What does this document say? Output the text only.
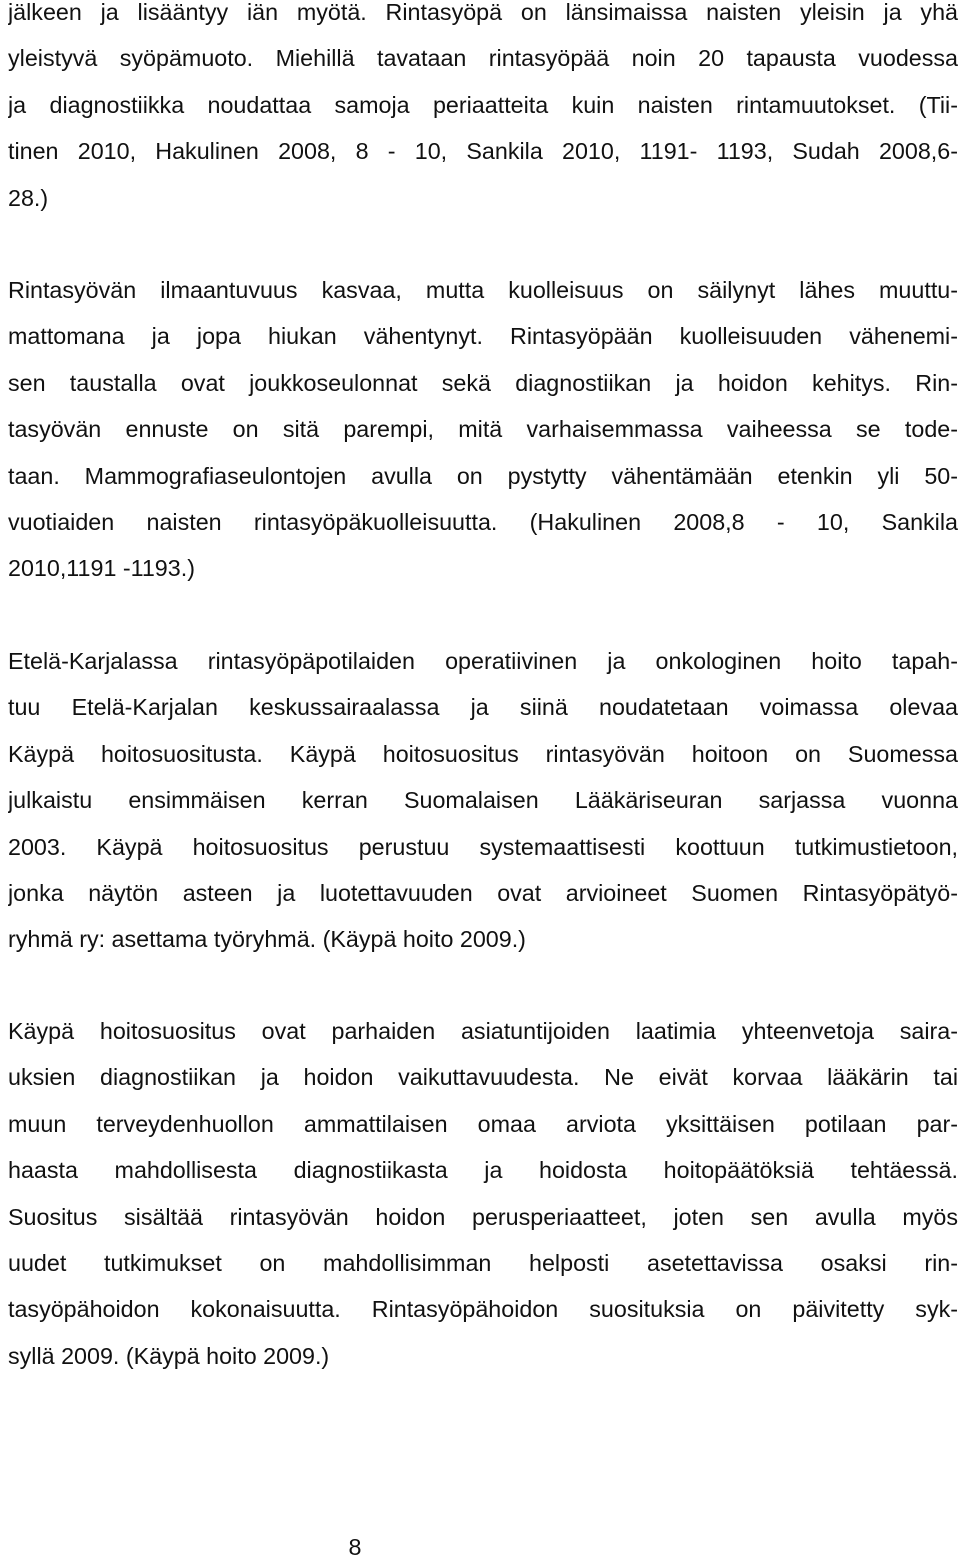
jälkeen ja lisääntyy iän myötä. Rintasyöpä on länsimaissa naisten yleisin ja yhä
yleistyvä syöpämuoto. Miehillä tavataan rintasyöpää noin 20 tapausta vuodessa
ja diagnostiikka noudattaa samoja periaatteita kuin naisten rintamuutokset. (Tii-
tinen 2010, Hakulinen 2008, 8 - 10, Sankila 2010, 1191- 1193, Sudah 2008,6-
28.)
Rintasyövän ilmaantuvuus kasvaa, mutta kuolleisuus on säilynyt lähes muuttu-
mattomana ja jopa hiukan vähentynyt. Rintasyöpään kuolleisuuden vähenemi-
sen taustalla ovat joukkoseulonnat sekä diagnostiikan ja hoidon kehitys. Rin-
tasyövän ennuste on sitä parempi, mitä varhaisemmassa vaiheessa se tode-
taan. Mammografiaseulontojen avulla on pystytty vähentämään etenkin yli 50-
vuotiaiden naisten rintasyöpäkuolleisuutta. (Hakulinen 2008,8 - 10, Sankila
2010,1191 -1193.)
Etelä-Karjalassa rintasyöpäpotilaiden operatiivinen ja onkologinen hoito tapah-
tuu Etelä-Karjalan keskussairaalassa ja siinä noudatetaan voimassa olevaa
Käypä hoitosuositusta. Käypä hoitosuositus rintasyövän hoitoon on Suomessa
julkaistu ensimmäisen kerran Suomalaisen Lääkäriseuran sarjassa vuonna
2003. Käypä hoitosuositus perustuu systemaattisesti koottuun tutkimustietoon,
jonka näytön asteen ja luotettavuuden ovat arvioineet Suomen Rintasyöpätyö-
ryhmä ry: asettama työryhmä. (Käypä hoito 2009.)
Käypä hoitosuositus ovat parhaiden asiatuntijoiden laatimia yhteenvetoja saira-
uksien diagnostiikan ja hoidon vaikuttavuudesta. Ne eivät korvaa lääkärin tai
muun terveydenhuollon ammattilaisen omaa arviota yksittäisen potilaan par-
haasta mahdollisesta diagnostiikasta ja hoidosta hoitopäätöksiä tehtäessä.
Suositus sisältää rintasyövän hoidon perusperiaatteet, joten sen avulla myös
uudet tutkimukset on mahdollisimman helposti asetettavissa osaksi rin-
tasyöpähoidon kokonaisuutta. Rintasyöpähoidon suosituksia on päivitetty syk-
syllä 2009. (Käypä hoito 2009.)
8
